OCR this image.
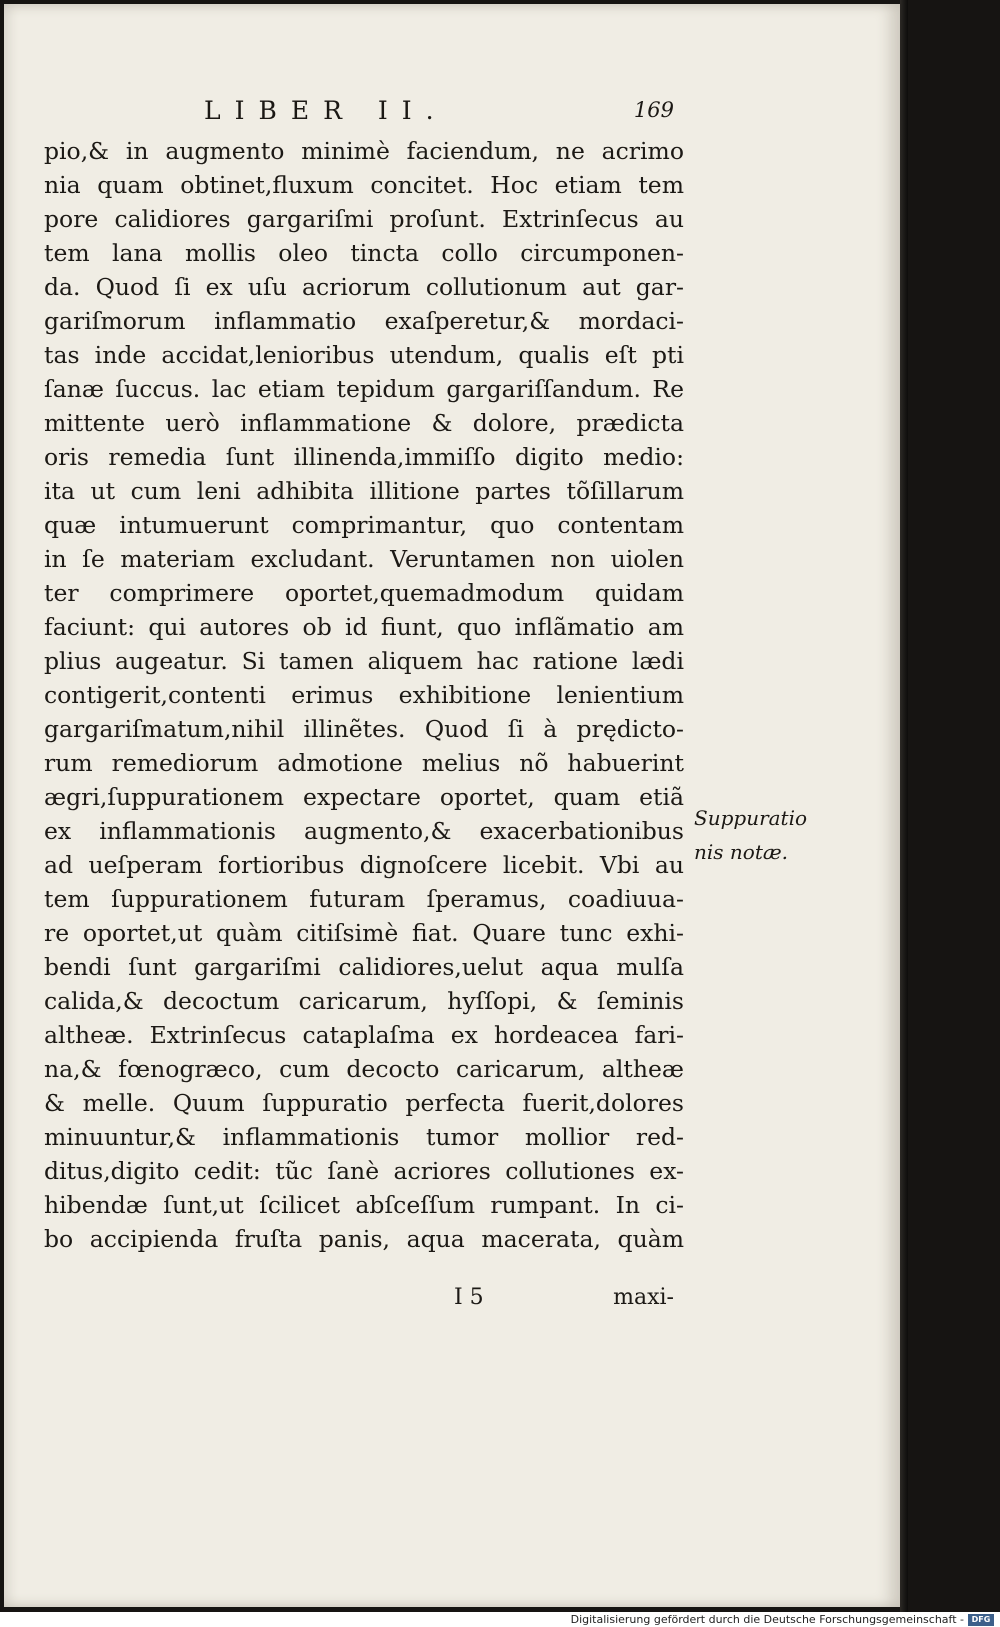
LIBER II.	169
pio,& in augmento minimè faciendum, ne acrimo
nia quam obtinet,fluxum concitet. Hoc etiam tem
pore calidiores gargariſmi proſunt. Extrinſecus au
tem lana mollis oleo tincta collo circumponen-
da. Quod ſi ex uſu acriorum collutionum aut gar-
gariſmorum inflammatio exaſperetur,& mordaci-
tas inde accidat,lenioribus utendum, qualis eſt pti
ſanæ ſuccus. lac etiam tepidum gargariſſandum. Re
mittente uerò inflammatione & dolore, prædicta
oris remedia ſunt illinenda,immiſſo digito medio:
ita ut cum leni adhibita illitione partes tõſillarum
quæ intumuerunt comprimantur, quo contentam
in ſe materiam excludant. Veruntamen non uiolen
ter comprimere oportet,quemadmodum quidam
faciunt: qui autores ob id fiunt, quo inflãmatio am
plius augeatur. Si tamen aliquem hac ratione lædi
contigerit,contenti erimus exhibitione lenientium
gargariſmatum,nihil illinẽtes. Quod ſi à prędicto-
rum remediorum admotione melius nõ habuerint
ægri,ſuppurationem expectare oportet, quam etiã
ex inflammationis augmento,& exacerbationibus
ad ueſperam fortioribus dignoſcere licebit. Vbi au
tem ſuppurationem futuram ſperamus, coadiuua-
re oportet,ut quàm citiſsimè fiat. Quare tunc exhi-
bendi ſunt gargariſmi calidiores,uelut aqua mulſa
calida,& decoctum caricarum, hyſſopi, & ſeminis
altheæ. Extrinſecus cataplaſma ex hordeacea fari-
na,& fœnogræco, cum decocto caricarum, altheæ
& melle. Quum ſuppuratio perfecta fuerit,dolores
minuuntur,& inflammationis tumor mollior red-
ditus,digito cedit: tũc ſanè acriores collutiones ex-
hibendæ ſunt,ut ſcilicet abſceſſum rumpant. In ci-
bo accipienda fruſta panis, aqua macerata, quàm
Suppuratio
nis notæ.
I 5	maxi-
Digitalisierung gefördert durch die Deutsche Forschungsgemeinschaft - DFG
